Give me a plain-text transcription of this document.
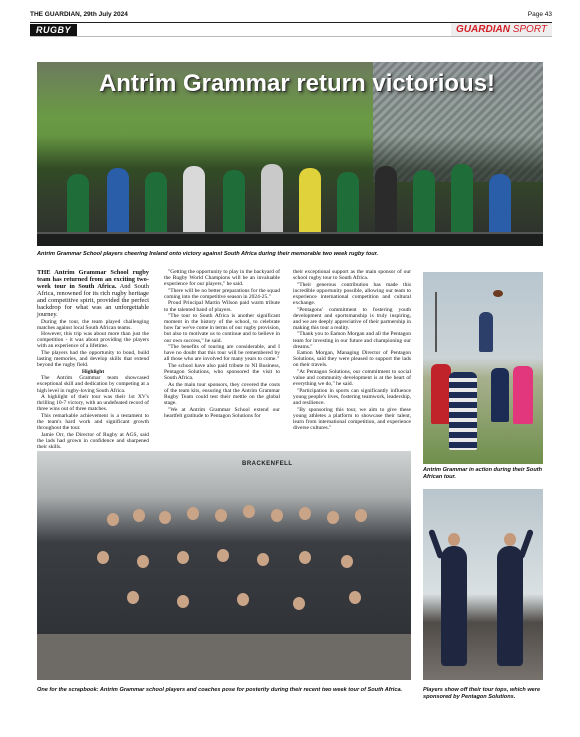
THE GUARDIAN, 29th July 2024	Page 43
RUGBY	GUARDIAN SPORT
Antrim Grammar return victorious!
Antrim Grammar School players cheering Ireland onto victory against South Africa during their memorable two week rugby tour.

THE Antrim Grammar School rugby team has returned from an exciting two-week tour in South Africa. And South Africa, renowned for its rich rugby heritage and competitive spirit, provided the perfect backdrop for what was an unforgettable journey.

During the tour, the team played challenging matches against local South African teams.

However, this trip was about more than just the competition - it was about providing the players with an experience of a lifetime.

The players had the opportunity to bond, build lasting memories, and develop skills that extend beyond the rugby field.

Highlight

The Antrim Grammar team showcased exceptional skill and dedication by competing at a high level in rugby-loving South Africa.

A highlight of their tour was their 1st XV's thrilling 10-7 victory, with an undefeated record of three wins out of three matches.

This remarkable achievement is a testament to the team's hard work and significant growth throughout the tour.

Jamie Orr, the Director of Rugby at AGS, said the lads had grown in confidence and sharpened their skills.

"Getting the opportunity to play in the backyard of the Rugby World Champions will be an invaluable experience for our players," he said.

"There will be no better preparations for the squad coming into the competitive season in 2024-25."

Proud Principal Martin Wilson paid warm tribute to the talented band of players.

"The tour to South Africa is another significant moment in the history of the school, to celebrate how far we've come in terms of our rugby provision, but also to motivate us to continue and to believe in our own success," he said.

"The benefits of touring are considerable, and I have no doubt that this tour will be remembered by all those who are involved for many years to come."

The school have also paid tribute to NI Business, Pentagon Solutions, who sponsored the visit to South Africa.

As the main tour sponsors, they covered the costs of the team kits, ensuring that the Antrim Grammar Rugby Team could test their mettle on the global stage.

"We at Antrim Grammar School extend our heartfelt gratitude to Pentagon Solutions for

their exceptional support as the main sponsor of our school rugby tour to South Africa.

"Their generous contribution has made this incredible opportunity possible, allowing our team to experience international competition and cultural exchange.

"Pentagons' commitment to fostering youth development and sportsmanship is truly inspiring, and we are deeply appreciative of their partnership in making this tour a reality.

"Thank you to Eamon Morgan and all the Pentagon team for investing in our future and championing our dreams."

Eamon Morgan, Managing Director of Pentagon Solutions, said they were pleased to support the lads on their travels.

"At Pentagon Solutions, our commitment to social value and community development is at the heart of everything we do," he said.

"Participation in sports can significantly influence young people's lives, fostering teamwork, leadership, and resilience.

"By sponsoring this tour, we aim to give these young athletes a platform to showcase their talent, learn from international competition, and experience diverse cultures."

Antrim Grammar in action during their South African tour.
BRACKENFELL
One for the scrapbook: Antrim Grammar school players and coaches pose for posterity during their recent two week tour of South Africa.	Players show off their tour tops, which were sponsored by Pentagon Solutions.
